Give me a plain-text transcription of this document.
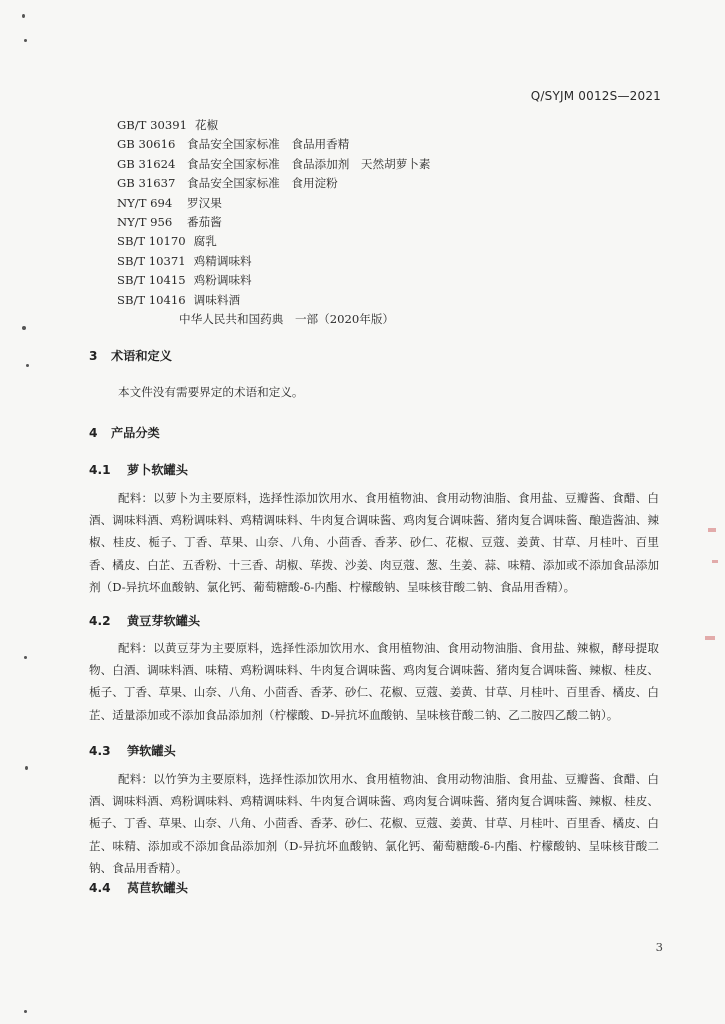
Q/SYJM 0012S—2021
GB/T 30391 花椒
GB 30616 食品安全国家标准　食品用香精
GB 31624 食品安全国家标准　食品添加剂　天然胡萝卜素
GB 31637 食品安全国家标准　食用淀粉
NY/T 694 罗汉果
NY/T 956 番茄酱
SB/T 10170 腐乳
SB/T 10371 鸡精调味料
SB/T 10415 鸡粉调味料
SB/T 10416 调味料酒
中华人民共和国药典　一部（2020年版）
3 术语和定义
本文件没有需要界定的术语和定义。
4 产品分类
4.1 萝卜软罐头
配料：以萝卜为主要原料，选择性添加饮用水、食用植物油、食用动物油脂、食用盐、豆瓣酱、食醋、白酒、调味料酒、鸡粉调味料、鸡精调味料、牛肉复合调味酱、鸡肉复合调味酱、猪肉复合调味酱、酿造酱油、辣椒、桂皮、栀子、丁香、草果、山奈、八角、小茴香、香茅、砂仁、花椒、豆蔻、姜黄、甘草、月桂叶、百里香、橘皮、白芷、五香粉、十三香、胡椒、荜拨、沙姜、肉豆蔻、葱、生姜、蒜、味精、添加或不添加食品添加剂（D-异抗坏血酸钠、氯化钙、葡萄糖酸-δ-内酯、柠檬酸钠、呈味核苷酸二钠、食品用香精）。
4.2 黄豆芽软罐头
配料：以黄豆芽为主要原料，选择性添加饮用水、食用植物油、食用动物油脂、食用盐、辣椒，酵母提取物、白酒、调味料酒、味精、鸡粉调味料、牛肉复合调味酱、鸡肉复合调味酱、猪肉复合调味酱、辣椒、桂皮、栀子、丁香、草果、山奈、八角、小茴香、香茅、砂仁、花椒、豆蔻、姜黄、甘草、月桂叶、百里香、橘皮、白芷、适量添加或不添加食品添加剂（柠檬酸、D-异抗坏血酸钠、呈味核苷酸二钠、乙二胺四乙酸二钠）。
4.3 笋软罐头
配料：以竹笋为主要原料，选择性添加饮用水、食用植物油、食用动物油脂、食用盐、豆瓣酱、食醋、白酒、调味料酒、鸡粉调味料、鸡精调味料、牛肉复合调味酱、鸡肉复合调味酱、猪肉复合调味酱、辣椒、桂皮、栀子、丁香、草果、山奈、八角、小茴香、香茅、砂仁、花椒、豆蔻、姜黄、甘草、月桂叶、百里香、橘皮、白芷、味精、添加或不添加食品添加剂（D-异抗坏血酸钠、氯化钙、葡萄糖酸-δ-内酯、柠檬酸钠、呈味核苷酸二钠、食品用香精）。
4.4 莴苣软罐头
3
